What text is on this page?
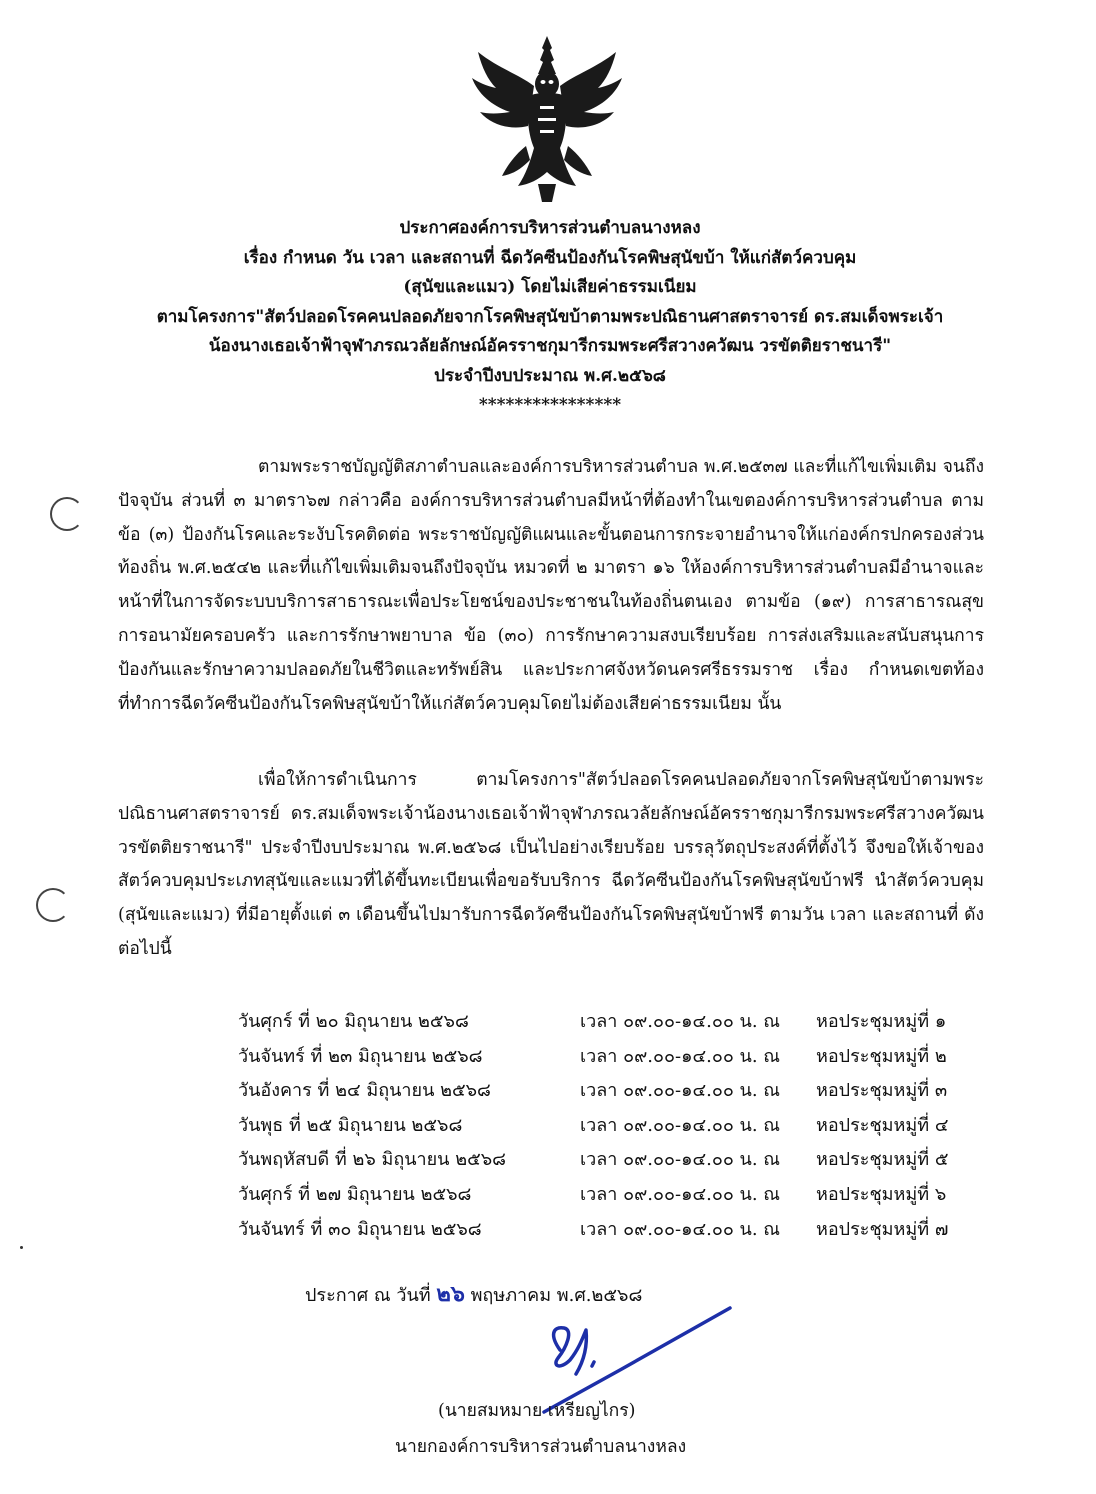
ประกาศองค์การบริหารส่วนตำบลนางหลง
เรื่อง กำหนด วัน เวลา และสถานที่ ฉีดวัคซีนป้องกันโรคพิษสุนัขบ้า ให้แก่สัตว์ควบคุม
(สุนัขและแมว) โดยไม่เสียค่าธรรมเนียม
ตามโครงการ"สัตว์ปลอดโรคคนปลอดภัยจากโรคพิษสุนัขบ้าตามพระปณิธานศาสตราจารย์ ดร.สมเด็จพระเจ้า
น้องนางเธอเจ้าฟ้าจุฬาภรณวลัยลักษณ์อัครราชกุมารีกรมพระศรีสวางควัฒน วรขัตติยราชนารี"
ประจำปีงบประมาณ พ.ศ.๒๕๖๘
****************
ตามพระราชบัญญัติสภาตำบลและองค์การบริหารส่วนตำบล พ.ศ.๒๕๓๗ และที่แก้ไขเพิ่มเติม จนถึงปัจจุบัน ส่วนที่ ๓ มาตรา๖๗ กล่าวคือ องค์การบริหารส่วนตำบลมีหน้าที่ต้องทำในเขตองค์การบริหารส่วนตำบล ตามข้อ (๓) ป้องกันโรคและระงับโรคติดต่อ พระราชบัญญัติแผนและขั้นตอนการกระจายอำนาจให้แก่องค์กรปกครองส่วนท้องถิ่น พ.ศ.๒๕๔๒ และที่แก้ไขเพิ่มเติมจนถึงปัจจุบัน หมวดที่ ๒ มาตรา ๑๖ ให้องค์การบริหารส่วนตำบลมีอำนาจและหน้าที่ในการจัดระบบบริการสาธารณะเพื่อประโยชน์ของประชาชนในท้องถิ่นตนเอง ตามข้อ (๑๙) การสาธารณสุข การอนามัยครอบครัว และการรักษาพยาบาล ข้อ (๓๐) การรักษาความสงบเรียบร้อย การส่งเสริมและสนับสนุนการป้องกันและรักษาความปลอดภัยในชีวิตและทรัพย์สิน และประกาศจังหวัดนครศรีธรรมราช เรื่อง กำหนดเขตท้องที่ทำการฉีดวัคซีนป้องกันโรคพิษสุนัขบ้าให้แก่สัตว์ควบคุมโดยไม่ต้องเสียค่าธรรมเนียม นั้น
เพื่อให้การดำเนินการ ตามโครงการ"สัตว์ปลอดโรคคนปลอดภัยจากโรคพิษสุนัขบ้าตามพระปณิธานศาสตราจารย์ ดร.สมเด็จพระเจ้าน้องนางเธอเจ้าฟ้าจุฬาภรณวลัยลักษณ์อัครราชกุมารีกรมพระศรีสวางควัฒนวรขัตติยราชนารี" ประจำปีงบประมาณ พ.ศ.๒๕๖๘ เป็นไปอย่างเรียบร้อย บรรลุวัตถุประสงค์ที่ตั้งไว้ จึงขอให้เจ้าของสัตว์ควบคุมประเภทสุนัขและแมวที่ได้ขึ้นทะเบียนเพื่อขอรับบริการ ฉีดวัคซีนป้องกันโรคพิษสุนัขบ้าฟรี นำสัตว์ควบคุม (สุนัขและแมว) ที่มีอายุตั้งแต่ ๓ เดือนขึ้นไปมารับการฉีดวัคซีนป้องกันโรคพิษสุนัขบ้าฟรี ตามวัน เวลา และสถานที่ ดังต่อไปนี้
วันศุกร์ ที่ ๒๐ มิถุนายน ๒๕๖๘	เวลา ๐๙.๐๐-๑๔.๐๐ น. ณ หอประชุมหมู่ที่ ๑
วันจันทร์ ที่ ๒๓ มิถุนายน ๒๕๖๘	เวลา ๐๙.๐๐-๑๔.๐๐ น. ณ หอประชุมหมู่ที่ ๒
วันอังคาร ที่ ๒๔ มิถุนายน ๒๕๖๘	เวลา ๐๙.๐๐-๑๔.๐๐ น. ณ หอประชุมหมู่ที่ ๓
วันพุธ ที่ ๒๕ มิถุนายน ๒๕๖๘	เวลา ๐๙.๐๐-๑๔.๐๐ น. ณ หอประชุมหมู่ที่ ๔
วันพฤหัสบดี ที่ ๒๖ มิถุนายน ๒๕๖๘	เวลา ๐๙.๐๐-๑๔.๐๐ น. ณ หอประชุมหมู่ที่ ๕
วันศุกร์ ที่ ๒๗ มิถุนายน ๒๕๖๘	เวลา ๐๙.๐๐-๑๔.๐๐ น. ณ หอประชุมหมู่ที่ ๖
วันจันทร์ ที่ ๓๐ มิถุนายน ๒๕๖๘	เวลา ๐๙.๐๐-๑๔.๐๐ น. ณ หอประชุมหมู่ที่ ๗
ประกาศ ณ วันที่ ๒๖ พฤษภาคม พ.ศ.๒๕๖๘
(นายสมหมาย เหรียญไกร)
นายกองค์การบริหารส่วนตำบลนางหลง
